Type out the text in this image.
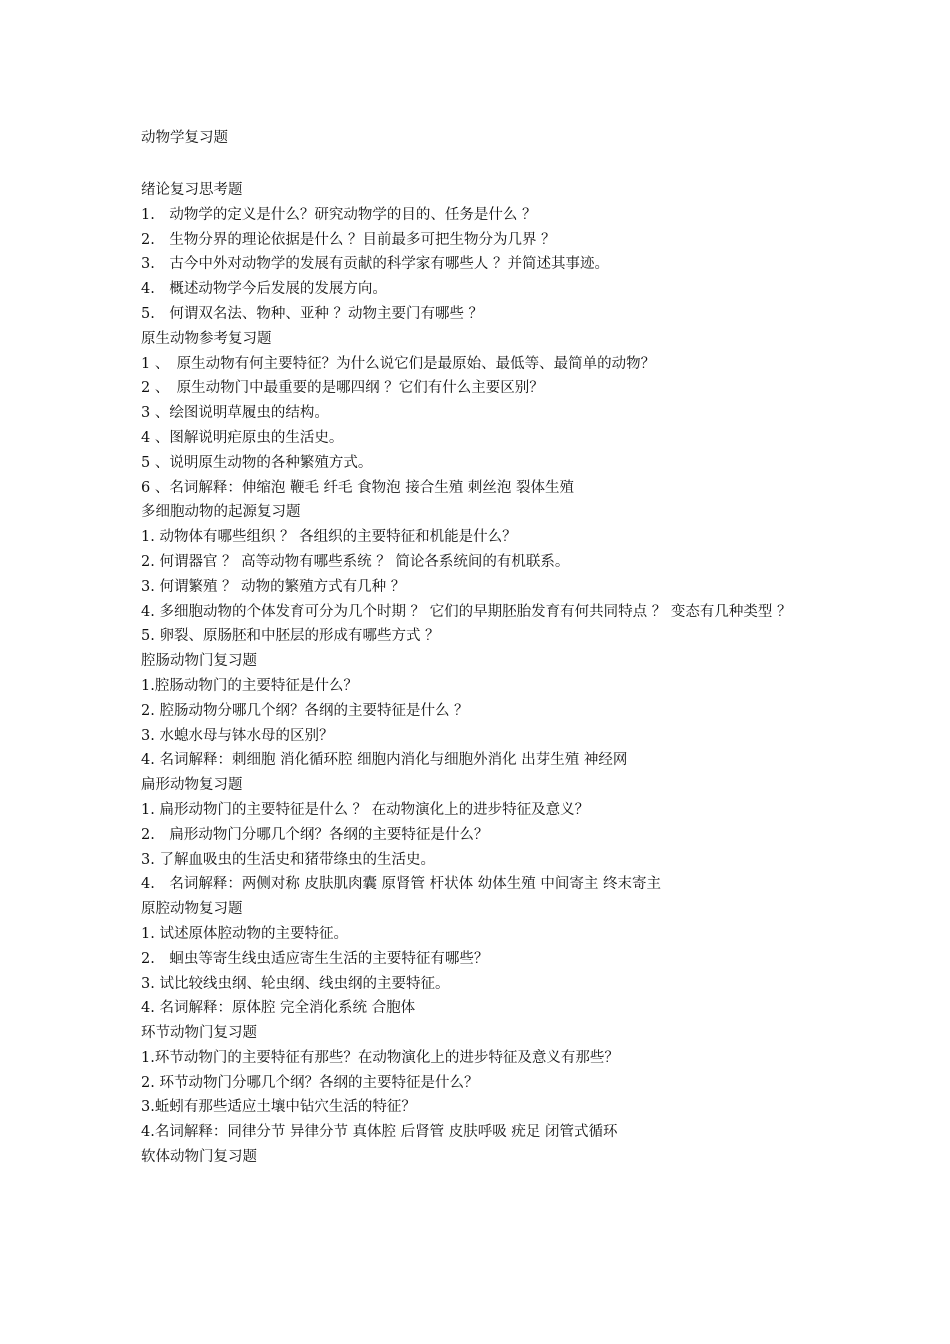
动物学复习题
绪论复习思考题
1.　动物学的定义是什么？研究动物学的目的、任务是什么 ？
2.　生物分界的理论依据是什么 ？目前最多可把生物分为几界 ？
3.　古今中外对动物学的发展有贡献的科学家有哪些人 ？并简述其事迹。
4.　概述动物学今后发展的发展方向。
5.　何谓双名法、物种、亚种 ？动物主要门有哪些 ？
原生动物参考复习题
1 、　原生动物有何主要特征？为什么说它们是最原始、最低等、最简单的动物？
2 、　原生动物门中最重要的是哪四纲 ？它们有什么主要区别？
3 、绘图说明草履虫的结构。
4 、图解说明疟原虫的生活史。
5 、说明原生动物的各种繁殖方式。
6 、名词解释：伸缩泡 鞭毛 纤毛 食物泡 接合生殖 刺丝泡 裂体生殖
多细胞动物的起源复习题
1. 动物体有哪些组织 ？ 各组织的主要特征和机能是什么？
2. 何谓器官 ？ 高等动物有哪些系统 ？ 简论各系统间的有机联系。
3. 何谓繁殖 ？ 动物的繁殖方式有几种 ？
4. 多细胞动物的个体发育可分为几个时期 ？ 它们的早期胚胎发育有何共同特点 ？ 变态有几种类型 ？
5. 卵裂、原肠胚和中胚层的形成有哪些方式 ？
腔肠动物门复习题
1.腔肠动物门的主要特征是什么？
2. 腔肠动物分哪几个纲？各纲的主要特征是什么 ？
3. 水螅水母与钵水母的区别？
4. 名词解释：刺细胞 消化循环腔 细胞内消化与细胞外消化 出芽生殖 神经网
扁形动物复习题
1. 扁形动物门的主要特征是什么 ？ 在动物演化上的进步特征及意义？
2.　扁形动物门分哪几个纲？各纲的主要特征是什么？
3. 了解血吸虫的生活史和猪带绦虫的生活史。
4.　名词解释：两侧对称 皮肤肌肉囊 原肾管 杆状体 幼体生殖 中间寄主 终末寄主
原腔动物复习题
1. 试述原体腔动物的主要特征。
2.　蛔虫等寄生线虫适应寄生生活的主要特征有哪些？
3. 试比较线虫纲、轮虫纲、线虫纲的主要特征。
4. 名词解释：原体腔 完全消化系统 合胞体
环节动物门复习题
1.环节动物门的主要特征有那些？在动物演化上的进步特征及意义有那些？
2. 环节动物门分哪几个纲？各纲的主要特征是什么？
3.蚯蚓有那些适应土壤中钻穴生活的特征？
4.名词解释：同律分节 异律分节 真体腔 后肾管 皮肤呼吸 疣足 闭管式循环
软体动物门复习题
